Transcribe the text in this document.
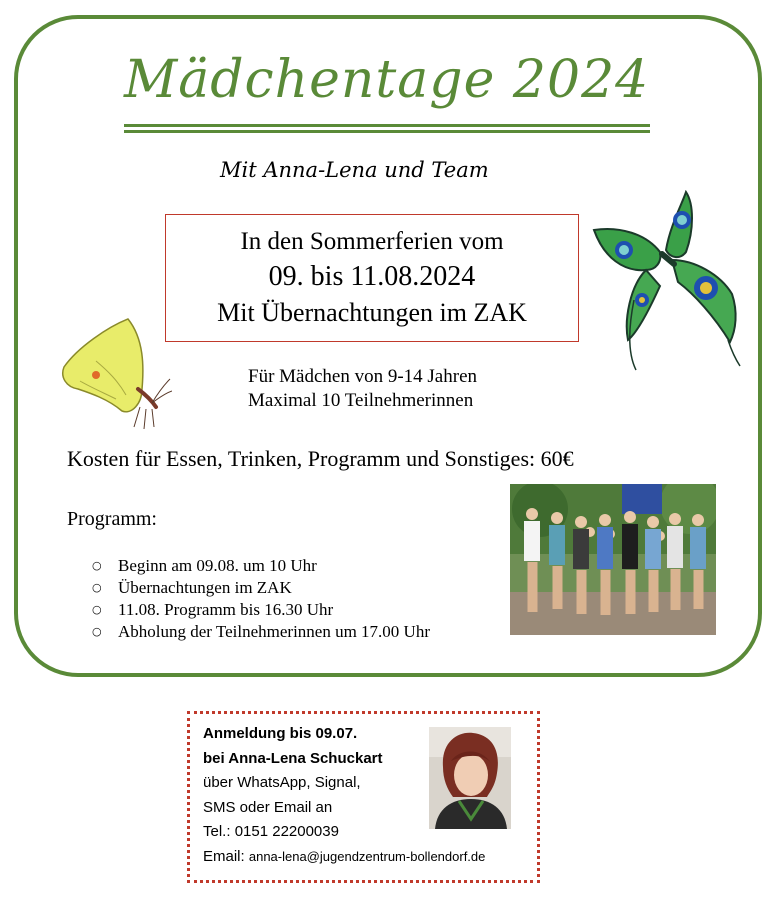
Mädchentage 2024
Mit Anna-Lena und Team
In den Sommerferien vom
09. bis 11.08.2024
Mit Übernachtungen im ZAK
Für Mädchen von 9-14 Jahren
Maximal 10 Teilnehmerinnen
Kosten für Essen, Trinken, Programm und Sonstiges: 60€
Programm:
○ Beginn am 09.08. um 10 Uhr
○ Übernachtungen im ZAK
○ 11.08. Programm bis 16.30 Uhr
○ Abholung der Teilnehmerinnen um 17.00 Uhr
Anmeldung bis 09.07.
bei Anna-Lena Schuckart
über WhatsApp, Signal,
SMS oder Email an
Tel.: 0151 22200039
Email: anna-lena@jugendzentrum-bollendorf.de
